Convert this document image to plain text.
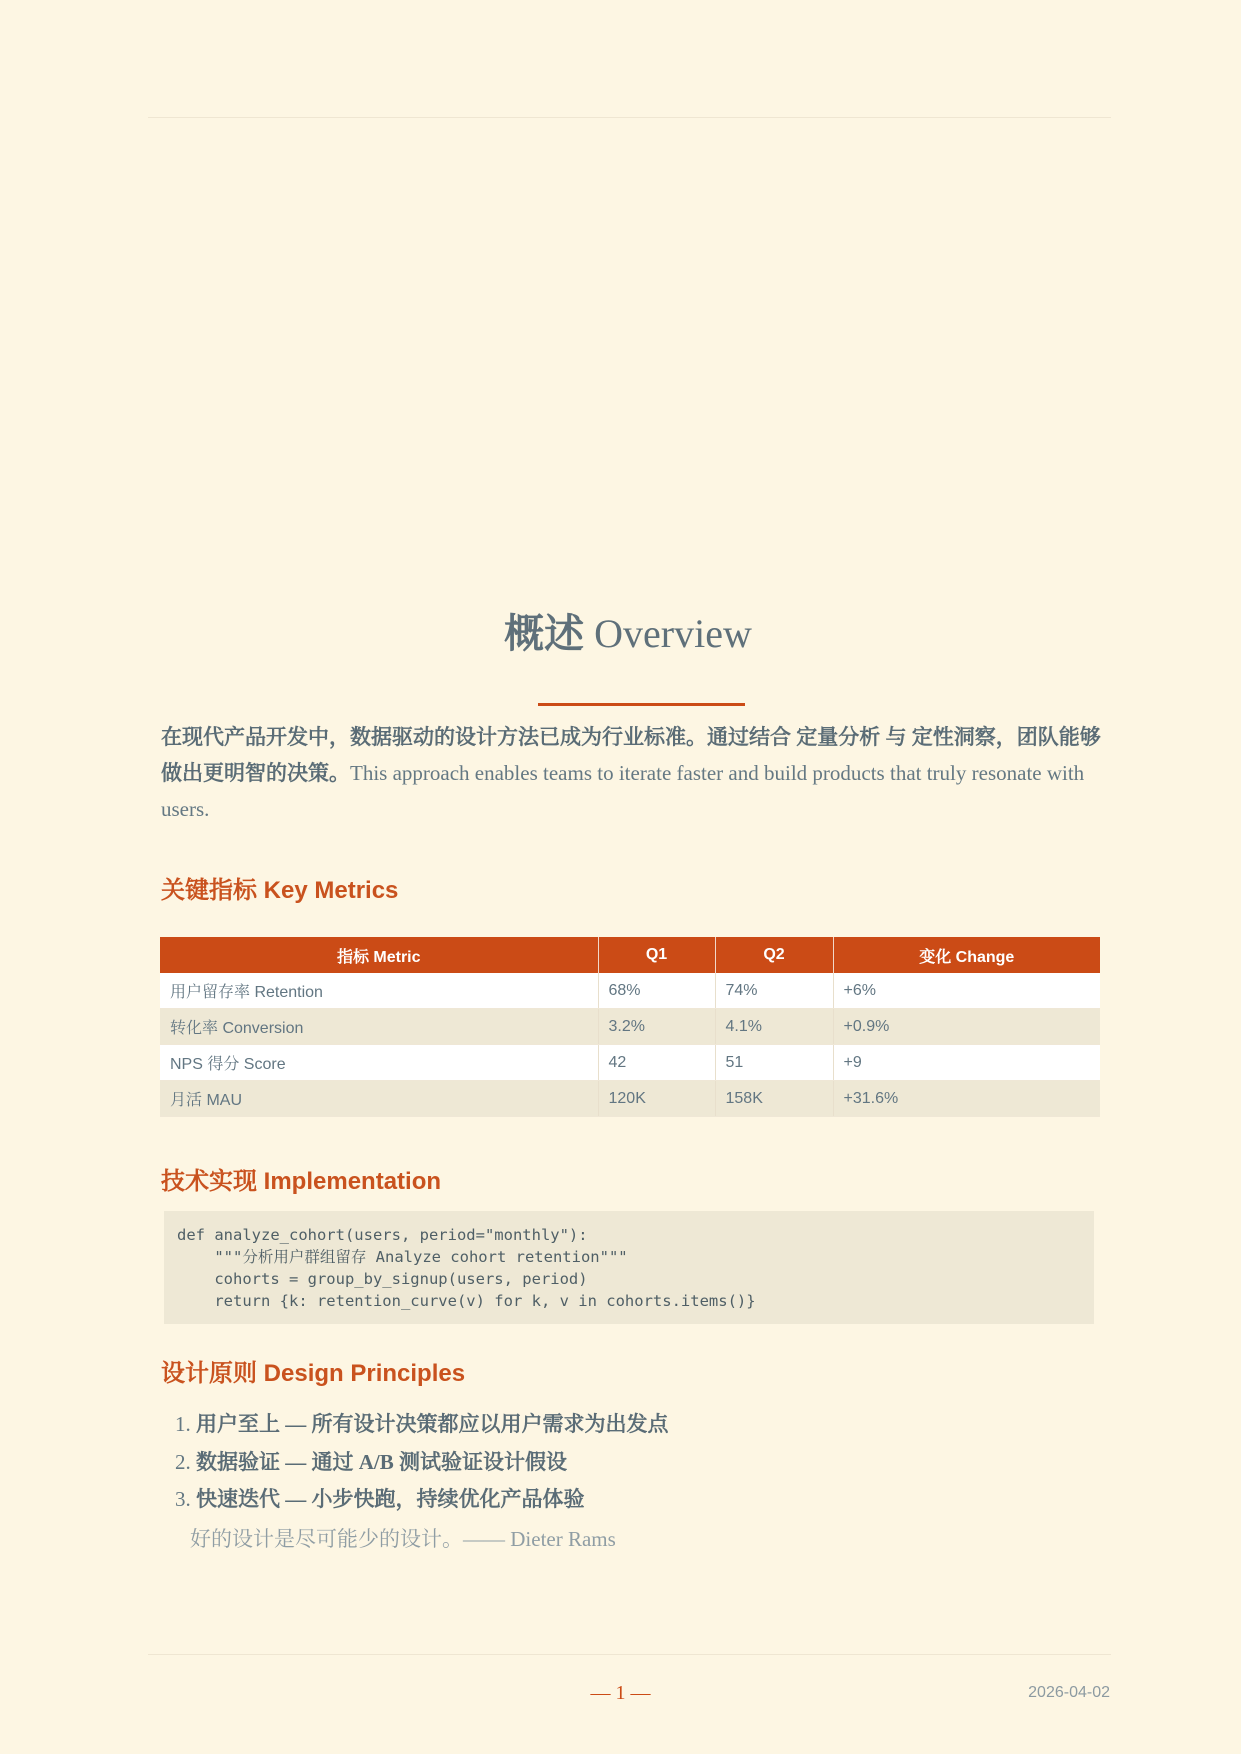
概述 Overview
在现代产品开发中，数据驱动的设计方法已成为行业标准。通过结合 定量分析 与 定性洞察，团队能够做出更明智的决策。This approach enables teams to iterate faster and build products that truly resonate with users.
关键指标 Key Metrics
指标 Metric	Q1	Q2	变化 Change
用户留存率 Retention	68%	74%	+6%
转化率 Conversion	3.2%	4.1%	+0.9%
NPS 得分 Score	42	51	+9
月活 MAU	120K	158K	+31.6%
技术实现 Implementation
def analyze_cohort(users, period="monthly"):
"""分析用户群组留存 Analyze cohort retention"""
cohorts = group_by_signup(users, period)
return {k: retention_curve(v) for k, v in cohorts.items()}
设计原则 Design Principles
1. 用户至上 — 所有设计决策都应以用户需求为出发点
2. 数据验证 — 通过 A/B 测试验证设计假设
3. 快速迭代 — 小步快跑，持续优化产品体验
好的设计是尽可能少的设计。—— Dieter Rams
— 1 —	2026-04-02
